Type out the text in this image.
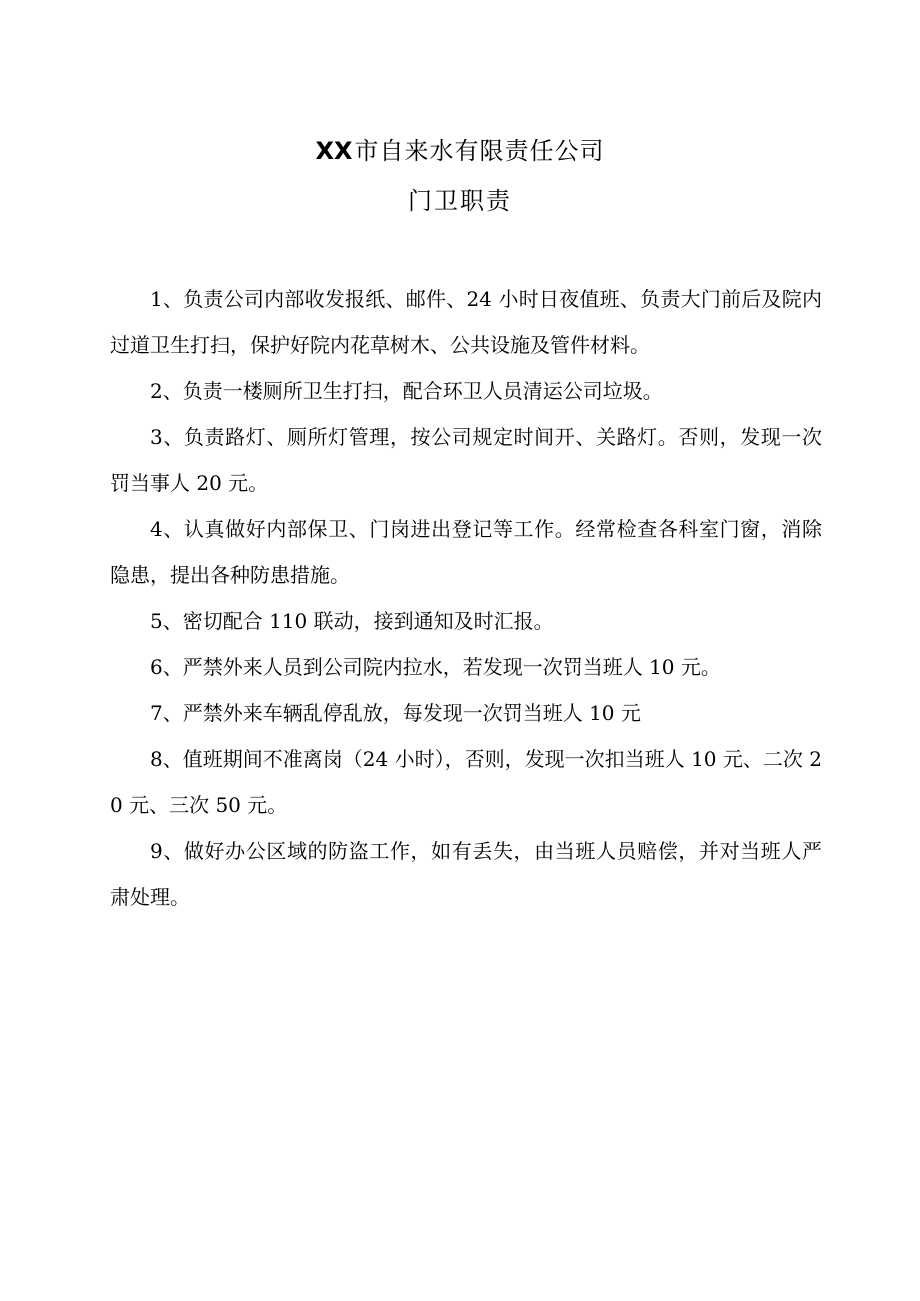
XX市自来水有限责任公司
门卫职责

1、负责公司内部收发报纸、邮件、24 小时日夜值班、负责大门前后及院内过道卫生打扫，保护好院内花草树木、公共设施及管件材料。

2、负责一楼厕所卫生打扫，配合环卫人员清运公司垃圾。

3、负责路灯、厕所灯管理，按公司规定时间开、关路灯。否则，发现一次罚当事人 20 元。

4、认真做好内部保卫、门岗进出登记等工作。经常检查各科室门窗，消除隐患，提出各种防患措施。

5、密切配合 110 联动，接到通知及时汇报。

6、严禁外来人员到公司院内拉水，若发现一次罚当班人 10 元。

7、严禁外来车辆乱停乱放，每发现一次罚当班人 10 元

8、值班期间不准离岗（24 小时），否则，发现一次扣当班人 10 元、二次 20 元、三次 50 元。

9、做好办公区域的防盗工作，如有丢失，由当班人员赔偿，并对当班人严肃处理。
